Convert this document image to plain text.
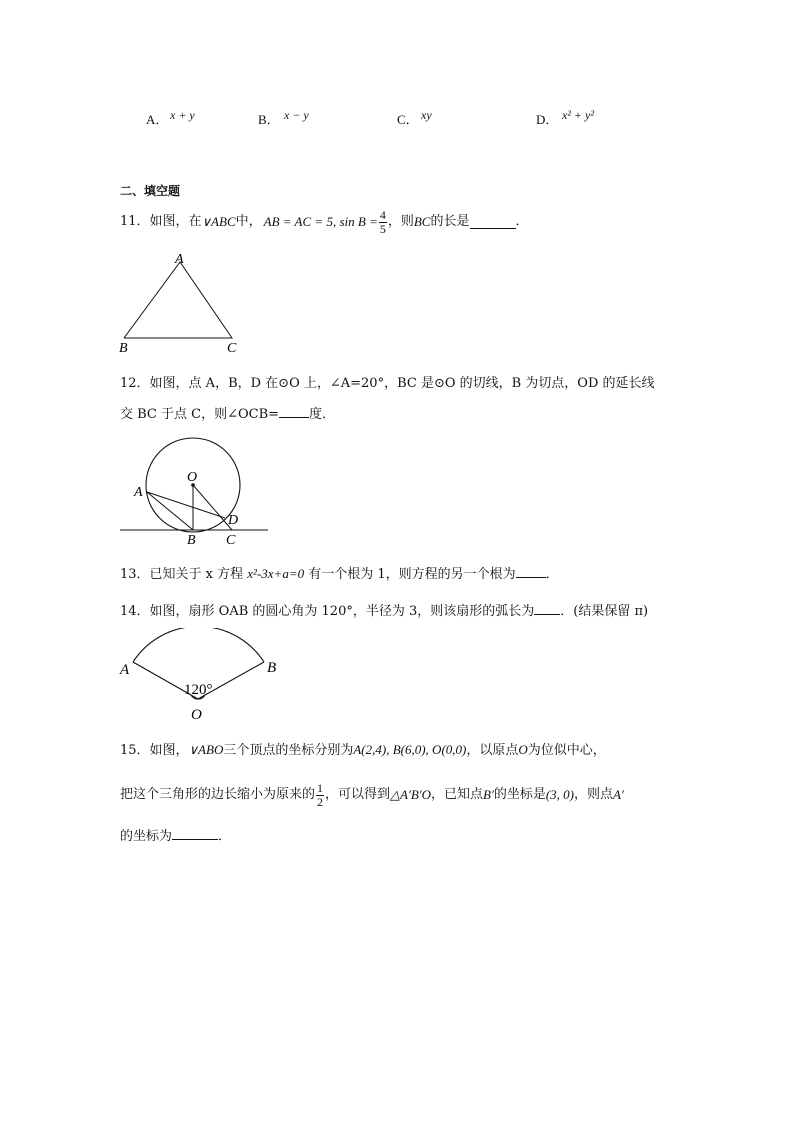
A． x + y	B． x − y	C． xy	D． x² + y²
二、填空题
11．如图，在 ∨ABC 中， AB = AC = 5, $\sin B = \frac{4}{5}$ ，则 BC 的长是	．
A
B	C
12．如图，点 A，B，D 在⊙O 上，∠A=20°，BC 是⊙O 的切线，B 为切点，OD 的延长线
交 BC 于点 C，则∠OCB= 度．
O
A
B C
D
13．已知关于 x 方程 x²-3x+a=0 有一个根为 1，则方程的另一个根为 ．
14．如图，扇形 OAB 的圆心角为 120°，半径为 3，则该扇形的弧长为 ．(结果保留 π)
A	B
O
120°
15．如图，∨ABO三个顶点的坐标分别为A(2,4), B(6,0), O(0,0)，以原点O为位似中心，
把这个三角形的边长缩小为原来的 $\frac{1}{2}$ ，可以得到 △A′B′O ，已知点 B′ 的坐标是 (3, 0) ，则点 A′
的坐标为	．
